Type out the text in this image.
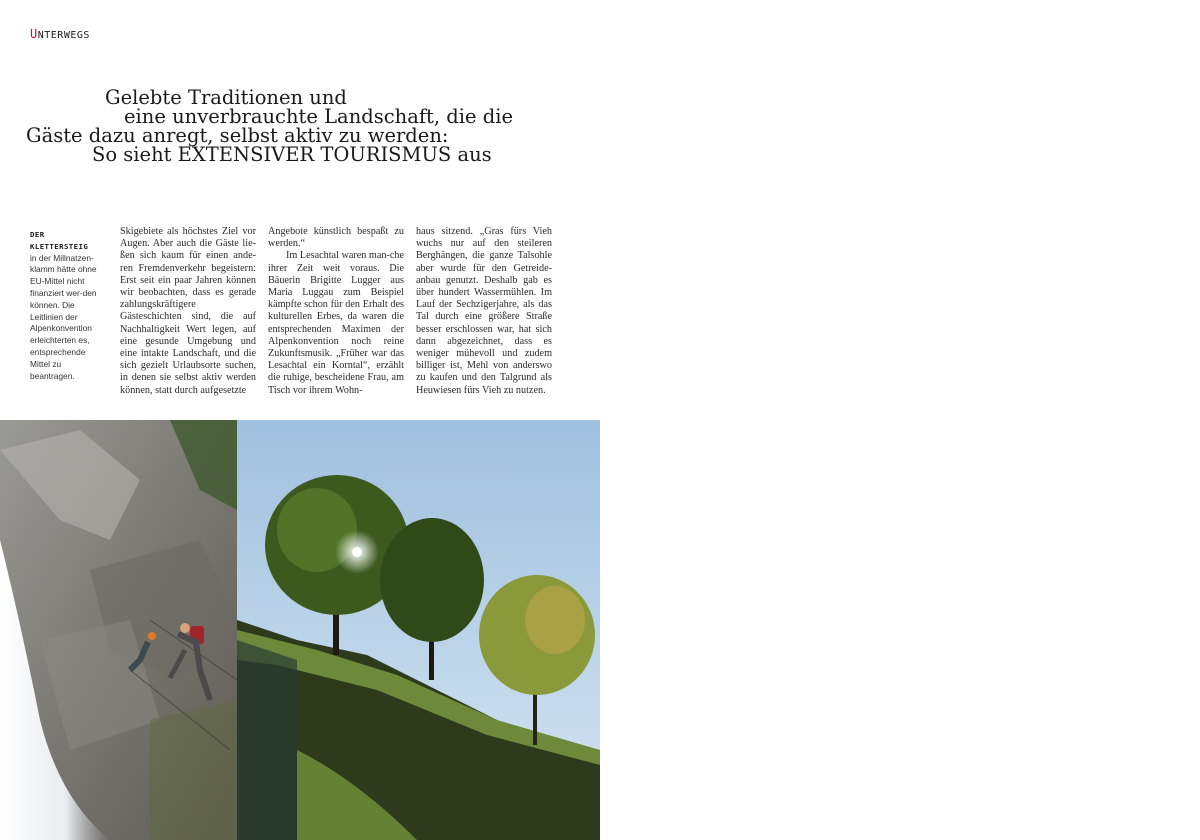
UNTERWEGS
Gelebte Traditionen und
eine unverbrauchte Landschaft, die die
Gäste dazu anregt, selbst aktiv zu werden:
So sieht EXTENSIVER TOURISMUS aus
DER
KLETTERSTEIG
in der Millnatzen-klamm hätte ohne EU-Mittel nicht finanziert wer-den können. Die Leitlinien der Alpenkonvention erleichterten es, entsprechende Mittel zu beantragen.

Skigebiete als höchstes Ziel vor Augen. Aber auch die Gäste lie-ßen sich kaum für einen ande-ren Fremdenverkehr begeistern: Erst seit ein paar Jahren können wir beobachten, dass es gerade zahlungskräftigere Gästeschichten sind, die auf Nachhaltigkeit Wert legen, auf eine gesunde Umgebung und eine intakte Landschaft, und die sich gezielt Urlaubsorte suchen, in denen sie selbst aktiv werden können, statt durch aufgesetzte

Angebote künstlich bespaßt zu werden.“

Im Lesachtal waren man-che ihrer Zeit weit voraus. Die Bäuerin Brigitte Lugger aus Maria Luggau zum Beispiel kämpfte schon für den Erhalt des kulturellen Erbes, da waren die entsprechenden Maximen der Alpenkonvention noch reine Zukunftsmusik. „Früher war das Lesachtal ein Korntal“, erzählt die ruhige, bescheidene Frau, am Tisch vor ihrem Wohn-

haus sitzend. „Gras fürs Vieh wuchs nur auf den steileren Berghängen, die ganze Talsohle aber wurde für den Getreide-anbau genutzt. Deshalb gab es über hundert Wassermühlen. Im Lauf der Sechzigerjahre, als das Tal durch eine größere Straße besser erschlossen war, hat sich dann abgezeichnet, dass es weniger mühevoll und zudem billiger ist, Mehl von anderswo zu kaufen und den Talgrund als Heuwiesen fürs Vieh zu nutzen.
